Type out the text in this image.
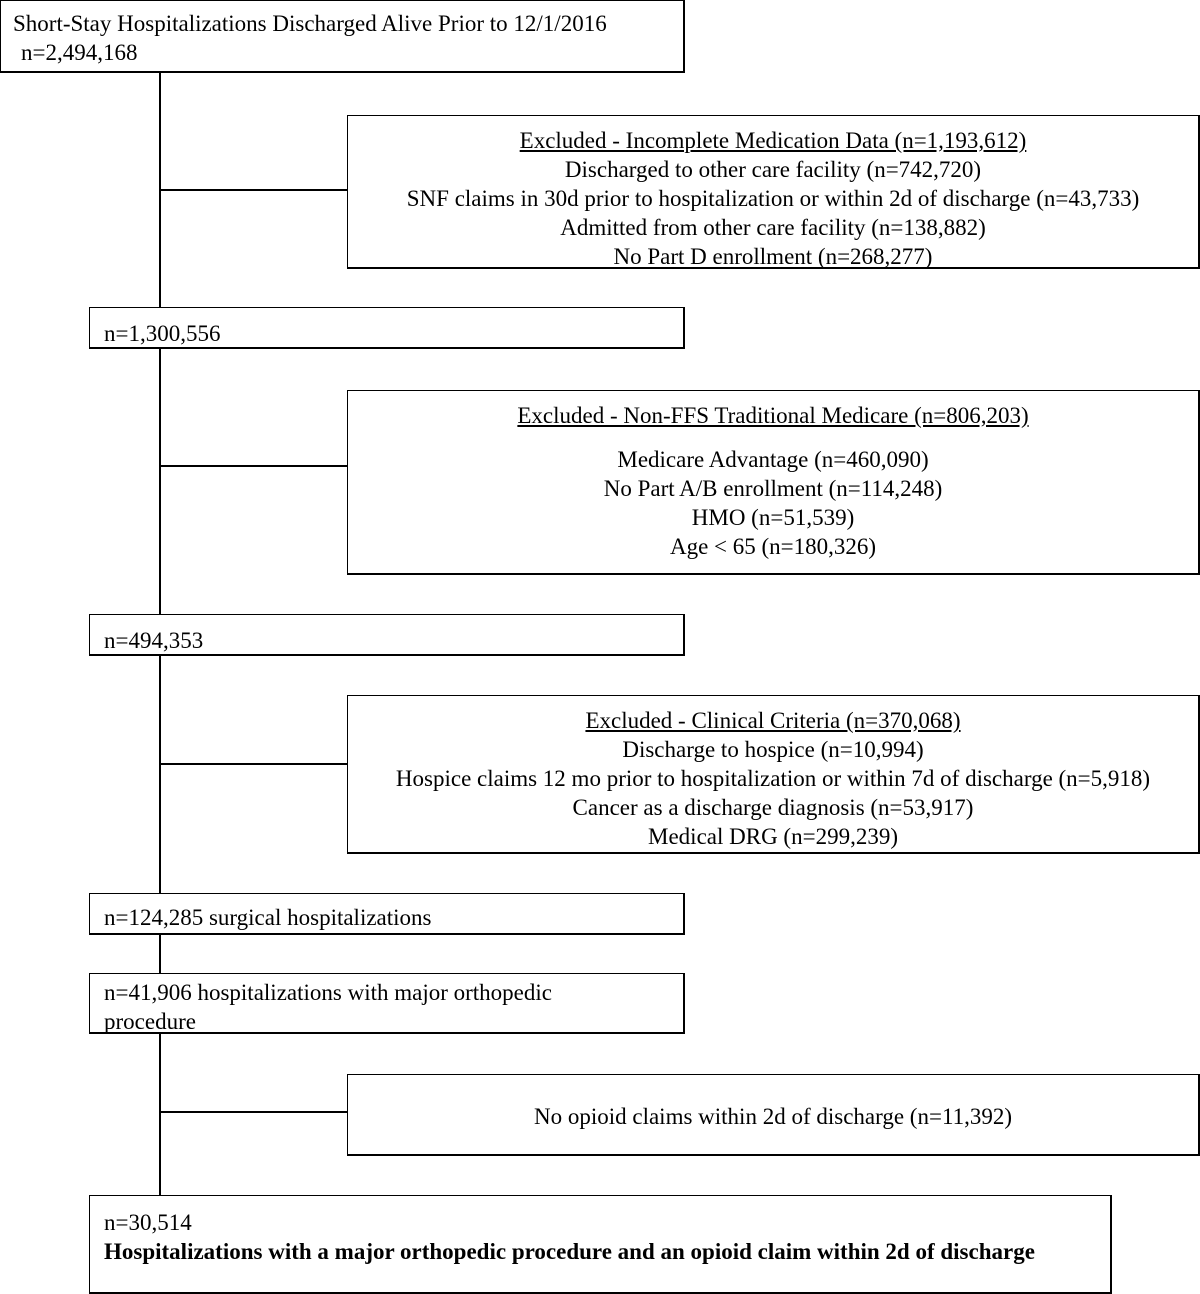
Short-Stay Hospitalizations Discharged Alive Prior to 12/1/2016
n=2,494,168
Excluded - Incomplete Medication Data (n=1,193,612)
Discharged to other care facility (n=742,720)
SNF claims in 30d prior to hospitalization or within 2d of discharge (n=43,733)
Admitted from other care facility (n=138,882)
No Part D enrollment (n=268,277)
n=1,300,556
Excluded - Non-FFS Traditional Medicare (n=806,203)
Medicare Advantage (n=460,090)
No Part A/B enrollment (n=114,248)
HMO (n=51,539)
Age < 65 (n=180,326)
n=494,353
Excluded - Clinical Criteria (n=370,068)
Discharge to hospice (n=10,994)
Hospice claims 12 mo prior to hospitalization or within 7d of discharge (n=5,918)
Cancer as a discharge diagnosis (n=53,917)
Medical DRG (n=299,239)
n=124,285 surgical hospitalizations
n=41,906 hospitalizations with major orthopedic procedure
No opioid claims within 2d of discharge (n=11,392)
n=30,514
Hospitalizations with a major orthopedic procedure and an opioid claim within 2d of discharge
